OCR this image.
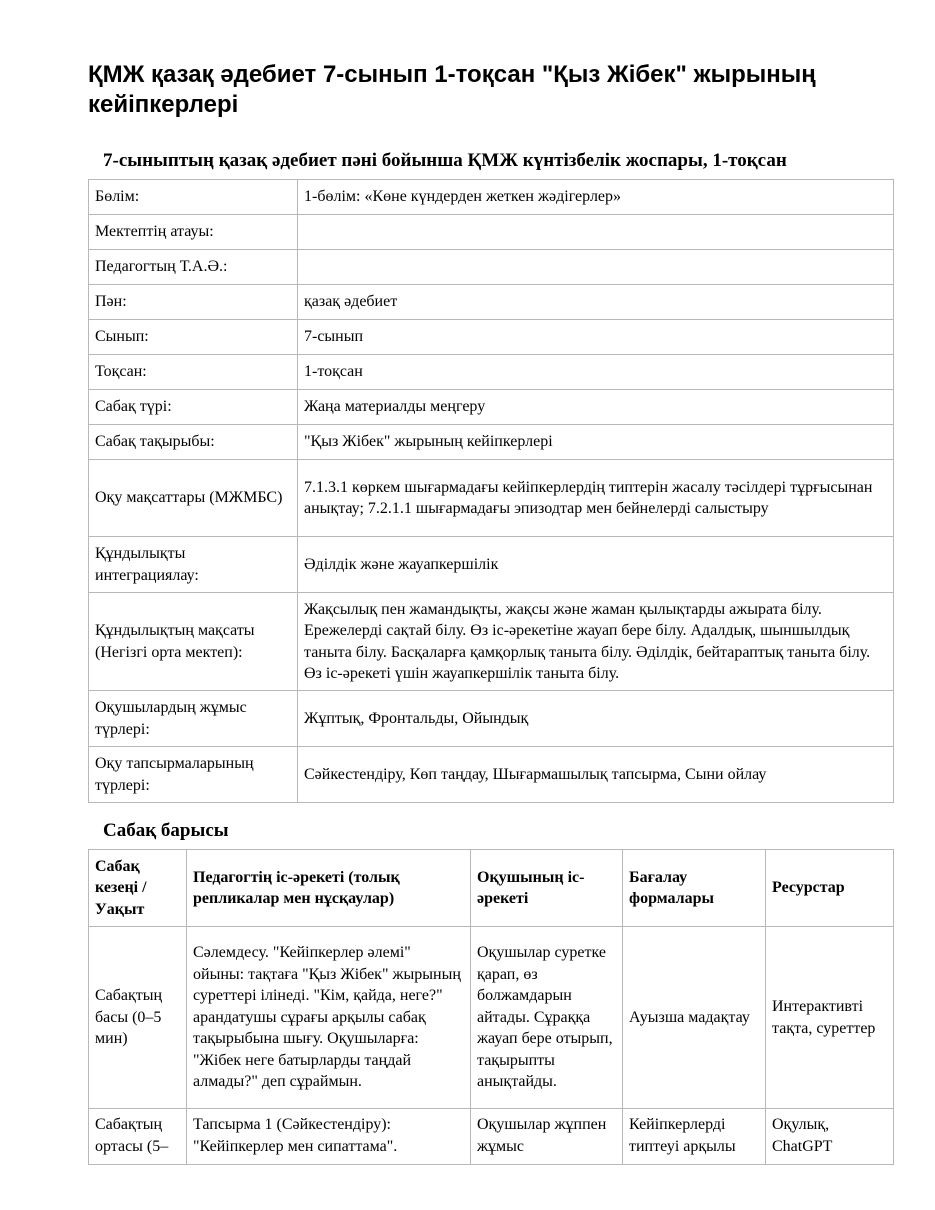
ҚМЖ қазақ әдебиет 7-сынып 1-тоқсан "Қыз Жібек" жырының кейіпкерлері
7-сыныптың қазақ әдебиет пәні бойынша ҚМЖ күнтізбелік жоспары, 1-тоқсан
Бөлім:	1-бөлім: «Көне күндерден жеткен жәдігерлер»
Мектептің атауы:	
Педагогтың Т.А.Ә.:	
Пән:	қазақ әдебиет
Сынып:	7-сынып
Тоқсан:	1-тоқсан
Сабақ түрі:	Жаңа материалды меңгеру
Сабақ тақырыбы:	"Қыз Жібек" жырының кейіпкерлері
Оқу мақсаттары (МЖМБС)	7.1.3.1 көркем шығармадағы кейіпкерлердің типтерін жасалу тәсілдері тұрғысынан анықтау; 7.2.1.1 шығармадағы эпизодтар мен бейнелерді салыстыру
Құндылықты интеграциялау:	Әділдік және жауапкершілік
Құндылықтың мақсаты (Негізгі орта мектеп):	Жақсылық пен жамандықты, жақсы және жаман қылықтарды ажырата білу. Ережелерді сақтай білу. Өз іс-әрекетіне жауап бере білу. Адалдық, шыншылдық таныта білу. Басқаларға қамқорлық таныта білу. Әділдік, бейтараптық таныта білу. Өз іс-әрекеті үшін жауапкершілік таныта білу.
Оқушылардың жұмыс түрлері:	Жұптық, Фронтальды, Ойындық
Оқу тапсырмаларының түрлері:	Сәйкестендіру, Көп таңдау, Шығармашылық тапсырма, Сыни ойлау
Сабақ барысы
Сабақ кезеңі / Уақыт	Педагогтің іс-әрекеті (толық репликалар мен нұсқаулар)	Оқушының іс-әрекеті	Бағалау формалары	Ресурстар
Сабақтың басы (0–5 мин)	Сәлемдесу. "Кейіпкерлер әлемі" ойыны: тақтаға "Қыз Жібек" жырының суреттері ілінеді. "Кім, қайда, неге?" арандатушы сұрағы арқылы сабақ тақырыбына шығу. Оқушыларға: "Жібек неге батырларды таңдай алмады?" деп сұраймын.	Оқушылар суретке қарап, өз болжамдарын айтады. Сұраққа жауап бере отырып, тақырыпты анықтайды.	Ауызша мадақтау	Интерактивті тақта, суреттер
Сабақтың ортасы (5–	Тапсырма 1 (Сәйкестендіру): "Кейіпкерлер мен сипаттама".	Оқушылар жұппен жұмыс	Кейіпкерлерді типтеуі арқылы	Оқулық, ChatGPT
